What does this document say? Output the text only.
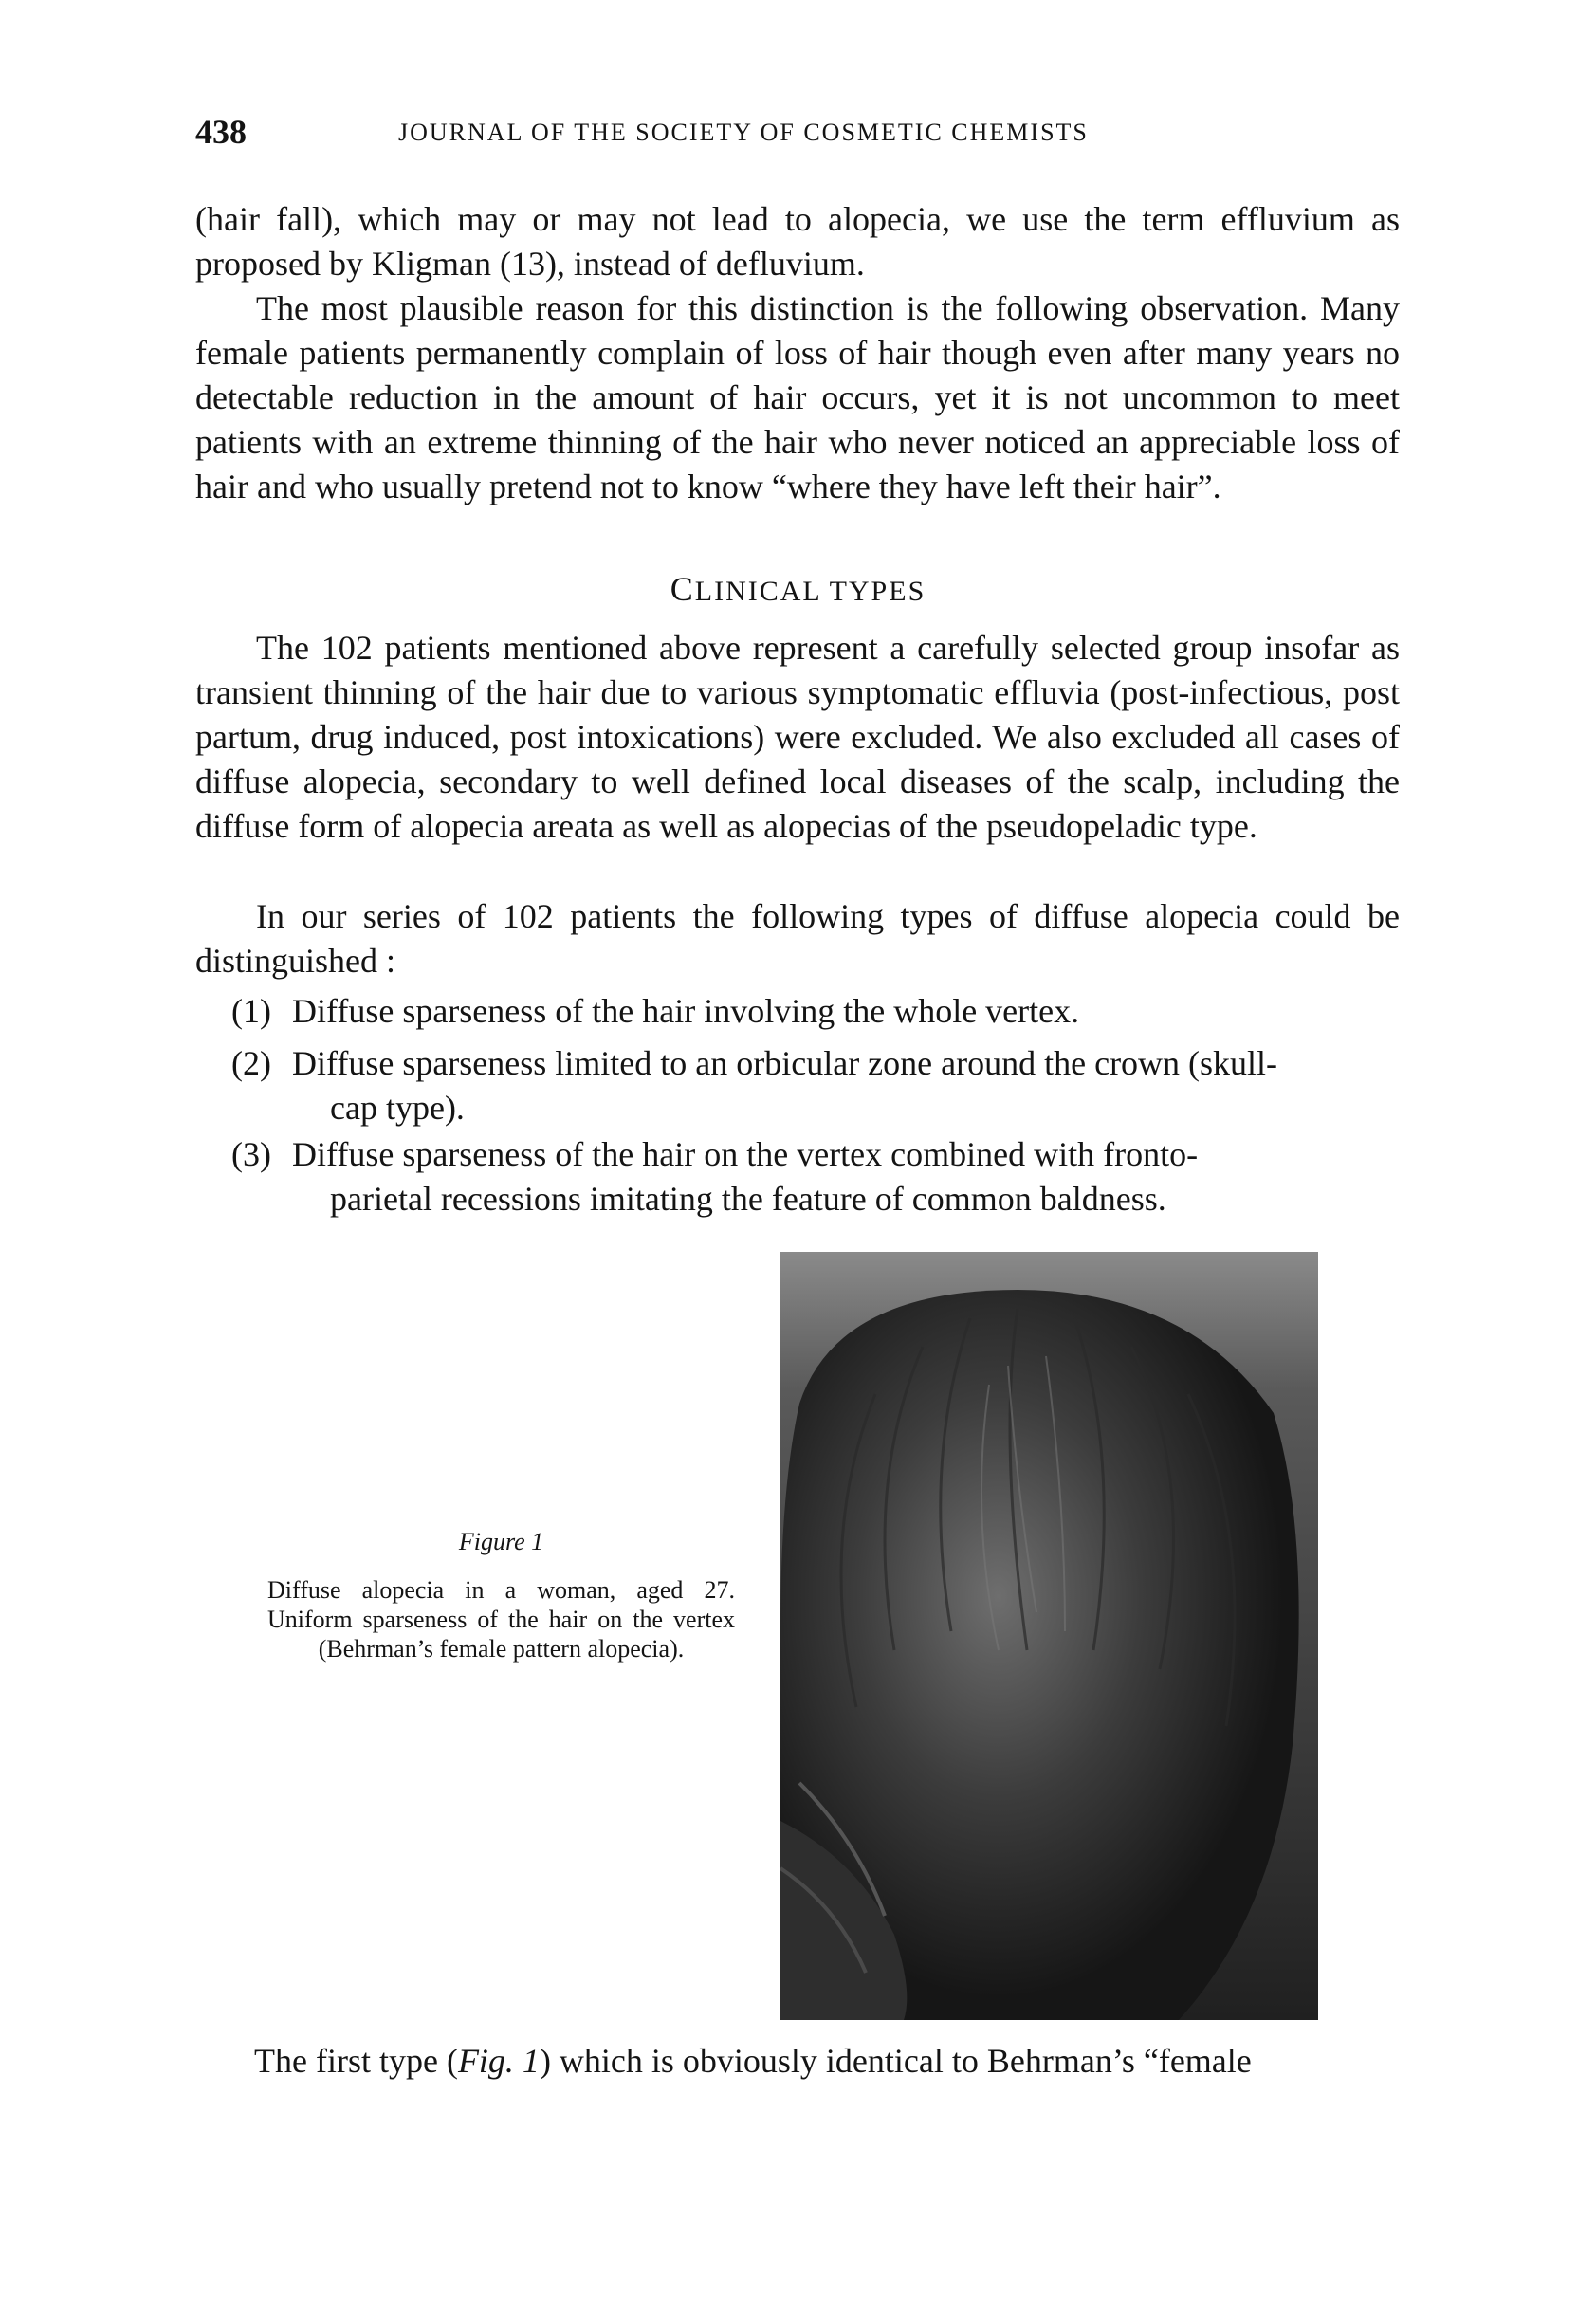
438	JOURNAL OF THE SOCIETY OF COSMETIC CHEMISTS

(hair fall), which may or may not lead to alopecia, we use the term effluvium as proposed by Kligman (13), instead of defluvium.

The most plausible reason for this distinction is the following observation. Many female patients permanently complain of loss of hair though even after many years no detectable reduction in the amount of hair occurs, yet it is not uncommon to meet patients with an extreme thinning of the hair who never noticed an appreciable loss of hair and who usually pretend not to know “where they have left their hair”.

CLINICAL TYPES

The 102 patients mentioned above represent a carefully selected group insofar as transient thinning of the hair due to various symptomatic effluvia (post-infectious, post partum, drug induced, post intoxications) were excluded. We also excluded all cases of diffuse alopecia, secondary to well defined local diseases of the scalp, including the diffuse form of alopecia areata as well as alopecias of the pseudopeladic type.

In our series of 102 patients the following types of diffuse alopecia could be distinguished :

(1) Diffuse sparseness of the hair involving the whole vertex.

(2) Diffuse sparseness limited to an orbicular zone around the crown (skull-
cap type).

(3) Diffuse sparseness of the hair on the vertex combined with fronto-
parietal recessions imitating the feature of common baldness.

Figure 1
Diffuse alopecia in a woman, aged 27. Uniform sparseness of the hair on the vertex (Behrman’s female pattern alopecia).
The first type (Fig. 1) which is obviously identical to Behrman’s “female
